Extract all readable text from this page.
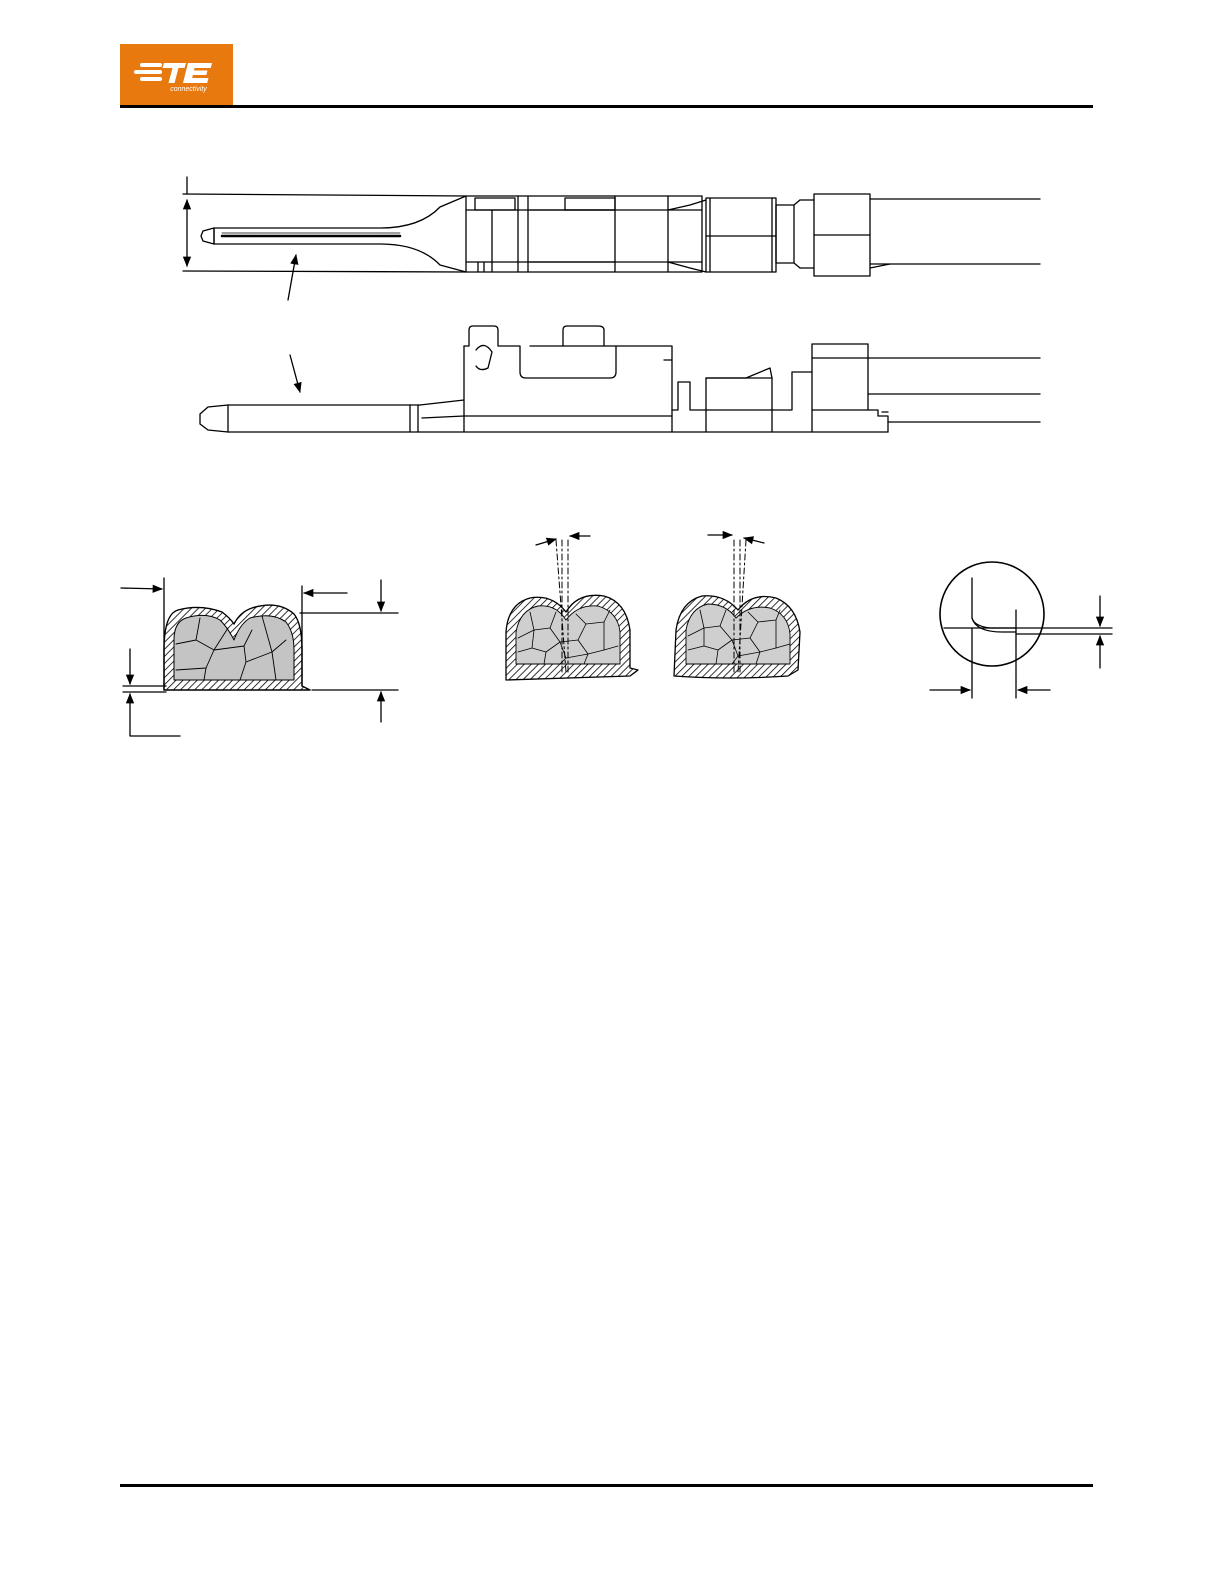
connectivity
